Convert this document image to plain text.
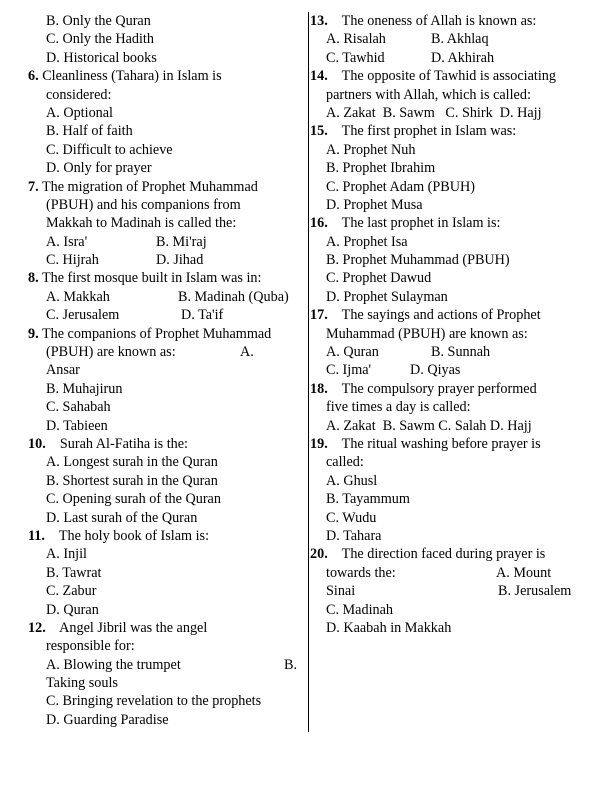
B. Only the Quran
C. Only the Hadith
D. Historical books
6. Cleanliness (Tahara) in Islam is
considered:
A. Optional
B. Half of faith
C. Difficult to achieve
D. Only for prayer
7. The migration of Prophet Muhammad
(PBUH) and his companions from
Makkah to Madinah is called the:
A. Isra'	B. Mi'raj
C. Hijrah	D. Jihad
8. The first mosque built in Islam was in:
A. Makkah	B. Madinah (Quba)
C. Jerusalem	D. Ta'if
9. The companions of Prophet Muhammad
(PBUH) are known as:	A.
Ansar
B. Muhajirun
C. Sahabah
D. Tabieen
10. Surah Al-Fatiha is the:
A. Longest surah in the Quran
B. Shortest surah in the Quran
C. Opening surah of the Quran
D. Last surah of the Quran
11. The holy book of Islam is:
A. Injil
B. Tawrat
C. Zabur
D. Quran
12. Angel Jibril was the angel
responsible for:
A. Blowing the trumpet	B.
Taking souls
C. Bringing revelation to the prophets
D. Guarding Paradise
13. The oneness of Allah is known as:
A. Risalah	B. Akhlaq
C. Tawhid	D. Akhirah
14. The opposite of Tawhid is associating
partners with Allah, which is called:
A. Zakat  B. Sawm   C. Shirk  D. Hajj
15. The first prophet in Islam was:
A. Prophet Nuh
B. Prophet Ibrahim
C. Prophet Adam (PBUH)
D. Prophet Musa
16. The last prophet in Islam is:
A. Prophet Isa
B. Prophet Muhammad (PBUH)
C. Prophet Dawud
D. Prophet Sulayman
17. The sayings and actions of Prophet
Muhammad (PBUH) are known as:
A. Quran	B. Sunnah
C. Ijma'	D. Qiyas
18. The compulsory prayer performed
five times a day is called:
A. Zakat  B. Sawm C. Salah D. Hajj
19. The ritual washing before prayer is
called:
A. Ghusl
B. Tayammum
C. Wudu
D. Tahara
20. The direction faced during prayer is
towards the:	A. Mount
Sinai	B. Jerusalem
C. Madinah
D. Kaabah in Makkah
